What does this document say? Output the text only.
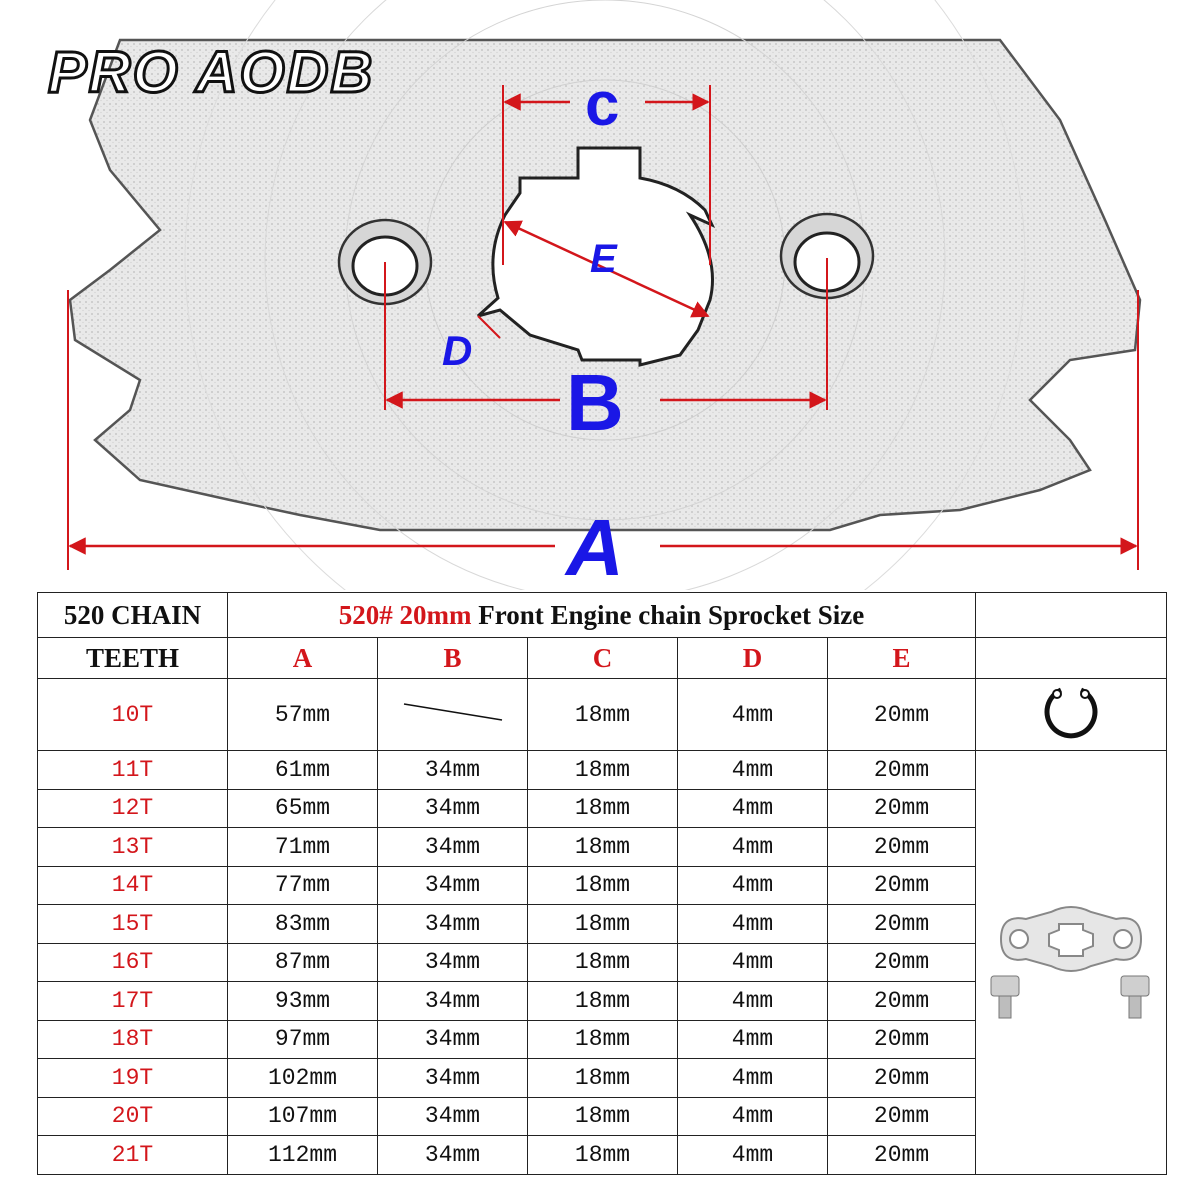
c
E
D
B
A
PRO AODB
520 CHAIN	520# 20mm Front Engine chain Sprocket Size					
TEETH	A	B	C	D	E	
10T	57mm		18mm	4mm	20mm	
11T	61mm	34mm	18mm	4mm	20mm	
12T	65mm	34mm	18mm	4mm	20mm	
13T	71mm	34mm	18mm	4mm	20mm	
14T	77mm	34mm	18mm	4mm	20mm	
15T	83mm	34mm	18mm	4mm	20mm	
16T	87mm	34mm	18mm	4mm	20mm	
17T	93mm	34mm	18mm	4mm	20mm	
18T	97mm	34mm	18mm	4mm	20mm	
19T	102mm	34mm	18mm	4mm	20mm	
20T	107mm	34mm	18mm	4mm	20mm	
21T	112mm	34mm	18mm	4mm	20mm	
